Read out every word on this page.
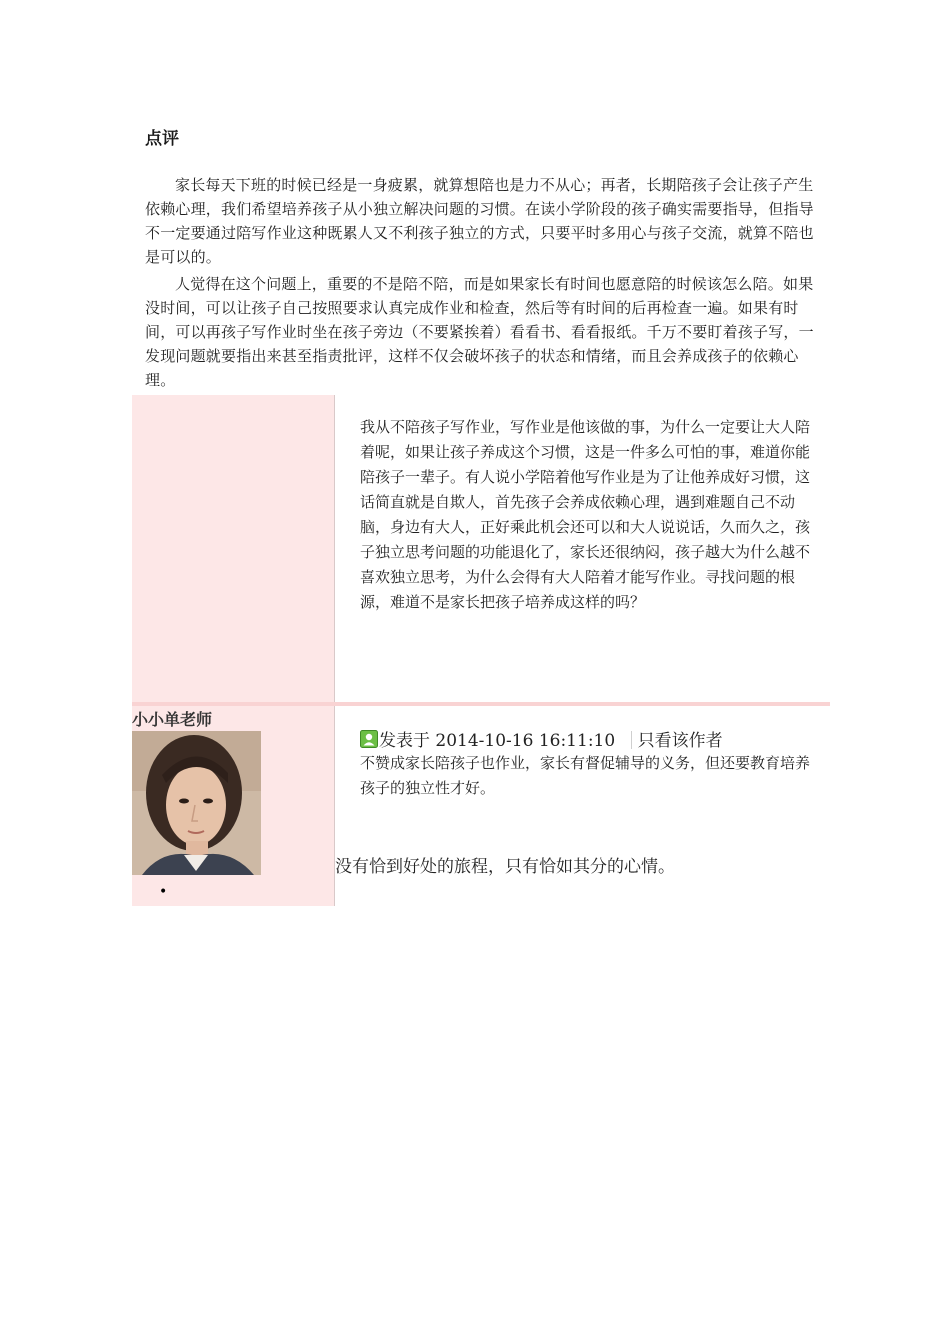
点评
家长每天下班的时候已经是一身疲累，就算想陪也是力不从心；再者，长期陪孩子会让孩子产生依赖心理，我们希望培养孩子从小独立解决问题的习惯。在读小学阶段的孩子确实需要指导，但指导不一定要通过陪写作业这种既累人又不利孩子独立的方式，只要平时多用心与孩子交流，就算不陪也是可以的。
人觉得在这个问题上，重要的不是陪不陪，而是如果家长有时间也愿意陪的时候该怎么陪。如果没时间，可以让孩子自己按照要求认真完成作业和检查，然后等有时间的后再检查一遍。如果有时间，可以再孩子写作业时坐在孩子旁边（不要紧挨着）看看书、看看报纸。千万不要盯着孩子写，一发现问题就要指出来甚至指责批评，这样不仅会破坏孩子的状态和情绪，而且会养成孩子的依赖心理。
我从不陪孩子写作业，写作业是他该做的事，为什么一定要让大人陪着呢，如果让孩子养成这个习惯，这是一件多么可怕的事，难道你能陪孩子一辈子。有人说小学陪着他写作业是为了让他养成好习惯，这话简直就是自欺人，首先孩子会养成依赖心理，遇到难题自己不动脑，身边有大人，正好乘此机会还可以和大人说说话，久而久之，孩子独立思考问题的功能退化了，家长还很纳闷，孩子越大为什么越不喜欢独立思考，为什么会得有大人陪着才能写作业。寻找问题的根源，难道不是家长把孩子培养成这样的吗？
小小单老师
•
发表于 2014-10-16 16:11:10 只看该作者
不赞成家长陪孩子也作业，家长有督促辅导的义务，但还要教育培养孩子的独立性才好。
没有恰到好处的旅程，只有恰如其分的心情。
